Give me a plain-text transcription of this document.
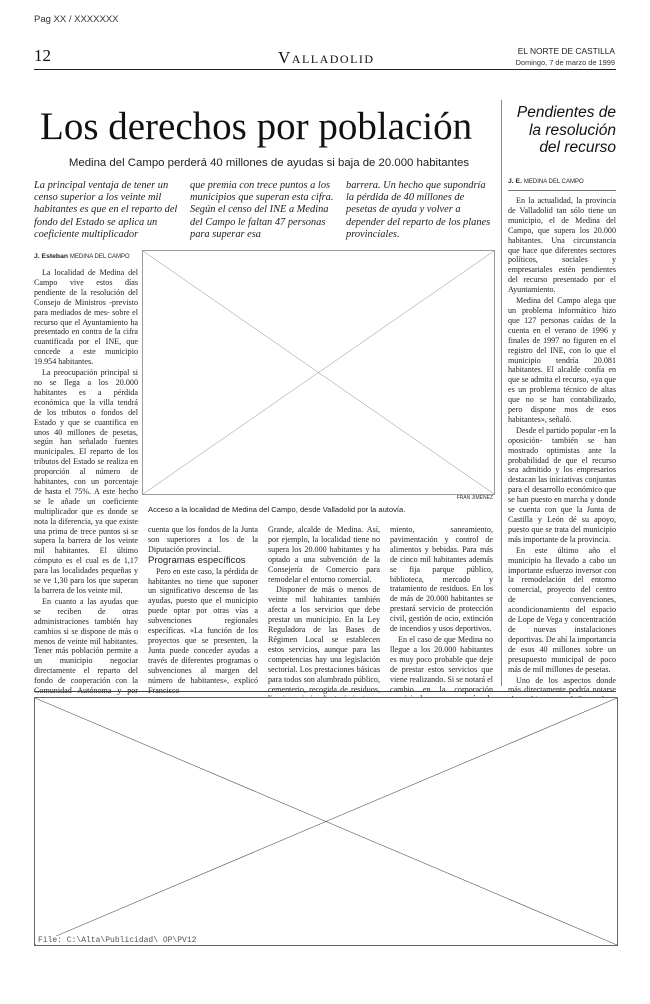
Pag XX / XXXXXXX
12	Valladolid	EL NORTE DE CASTILLA
Domingo, 7 de marzo de 1999
Los derechos por población
Medina del Campo perderá 40 millones de ayudas si baja de 20.000 habitantes
La principal ventaja de tener un censo superior a los veinte mil habitantes es que en el reparto del fondo del Estado se aplica un coeficiente multiplicador
que premia con trece puntos a los municipios que superan esta cifra. Según el censo del INE a Medina del Campo le faltan 47 personas para superar esa
barrera. Un hecho que supondría la pérdida de 40 millones de pesetas de ayuda y volver a depender del reparto de los planes provinciales.
J. Esteban MEDINA DEL CAMPO
FRAN JIMÉNEZ
Acceso a la localidad de Medina del Campo, desde Valladolid por la autovía.

La localidad de Medina del Campo vive estos días pendiente de la resolución del Consejo de Ministros -previsto para mediados de mes- sobre el recurso que el Ayuntamiento ha presentado en contra de la cifra cuantificada por el INE, que concede a este municipio 19.954 habitantes.

La preocupación principal si no se llega a los 20.000 habitantes es a pérdida económica que la villa tendrá de los tributos o fondos del Estado y que se cuantifica en unos 40 millones de pesetas, según han señalado fuentes municipales. El reparto de los tributos del Estado se realiza en proporción al número de habitantes, con un porcentaje de hasta el 75%. A este hecho se le añade un coeficiente multiplicador que es donde se nota la diferencia, ya que existe una prima de trece puntos si se supera la barrera de los veinte mil habitantes. El último cómputo es el cual es de 1,17 para las localidades pequeñas y se ve 1,30 para los que superan la barrera de los veinte mil.

En cuanto a las ayudas que se reciben de otras administraciones también hay cambios si se dispone de más o menos de veinte mil habitantes. Tener más población permite a un municipio negociar directamente el reparto del fondo de cooperación con la Comunidad Autónoma y por

cuenta que los fondos de la Junta son superiores a los de la Diputación provincial.

Programas específicos

Pero en este caso, la pérdida de habitantes no tiene que suponer un significativo descenso de las ayudas, puesto que el municipio puede optar por otras vías a subvenciones regionales específicas. «La función de los proyectos que se presenten, la Junta puede conceder ayudas a través de diferentes programas o subvenciones al margen del número de habitantes», explicó Francisco

Grande, alcalde de Medina. Así, por ejemplo, la localidad tiene no supera los 20.000 habitantes y ha optado a una subvención de la Consejería de Comercio para remodelar el entorno comercial.

Disponer de más o menos de veinte mil habitantes también afecta a los servicios que debe prestar un municipio. En la Ley Reguladora de las Bases de Régimen Local se establecen estos servicios, aunque para las competencias hay una legislación sectorial. Los prestaciones básicas para todos son alumbrado público, cementerio, recogida de residuos,

miento, saneamiento, pavimentación y control de alimentos y bebidas. Para más de cinco mil habitantes además se fija parque público, biblioteca, mercado y tratamiento de residuos. En los de más de 20.000 habitantes se prestará servicio de protección civil, gestión de ocio, extinción de incendios y usos deportivos.

En el caso de que Medina no llegue a los 20.000 habitantes es muy poco probable que deje de prestar estos servicios que viene realizando. Si se notará el cambio en la corporación

Pendientes de la resolución del recurso
J. E. MEDINA DEL CAMPO

En la actualidad, la provincia de Valladolid tan sólo tiene un municipio, el de Medina del Campo, que supera los 20.000 habitantes. Una circunstancia que hace que diferentes sectores políticos, sociales y empresariales estén pendientes del recurso presentado por el Ayuntamiento.

Medina del Campo alega que un problema informático hizo que 127 personas caídas de la cuenta en el verano de 1996 y finales de 1997 no figuren en el registro del INE, con lo que el municipio tendría 20.081 habitantes. El alcalde confía en que se admita el recurso, «ya que es un problema técnico de altas que no se han contabilizado, pero dispone mos de esos habitantes», señaló.

Desde el partido popular -en la oposición- también se han mostrado optimistas ante la probabilidad de que el recurso sea admitido y los empresarios destacan las iniciativas conjuntas para el desarrollo económico que se han puesto en marcha y donde se cuenta con que la Junta de Castilla y León dé su apoyo, puesto que se trata del municipio más importante de la provincia.

En este último año el municipio ha llevado a cabo un importante esfuerzo inversor con la remodelación del entorno comercial, proyecto del centro de convenciones, acondicionamiento del espacio de Lope de Vega y concentración de nuevas instalaciones deportivas. De ahí la importancia de esos 40 millones sobre un presupuesto municipal de poco más de mil millones de pesetas.

Uno de los aspectos donde más directamente podría notarse

File: C:\Alta\Publicidad\ OP\PV12
